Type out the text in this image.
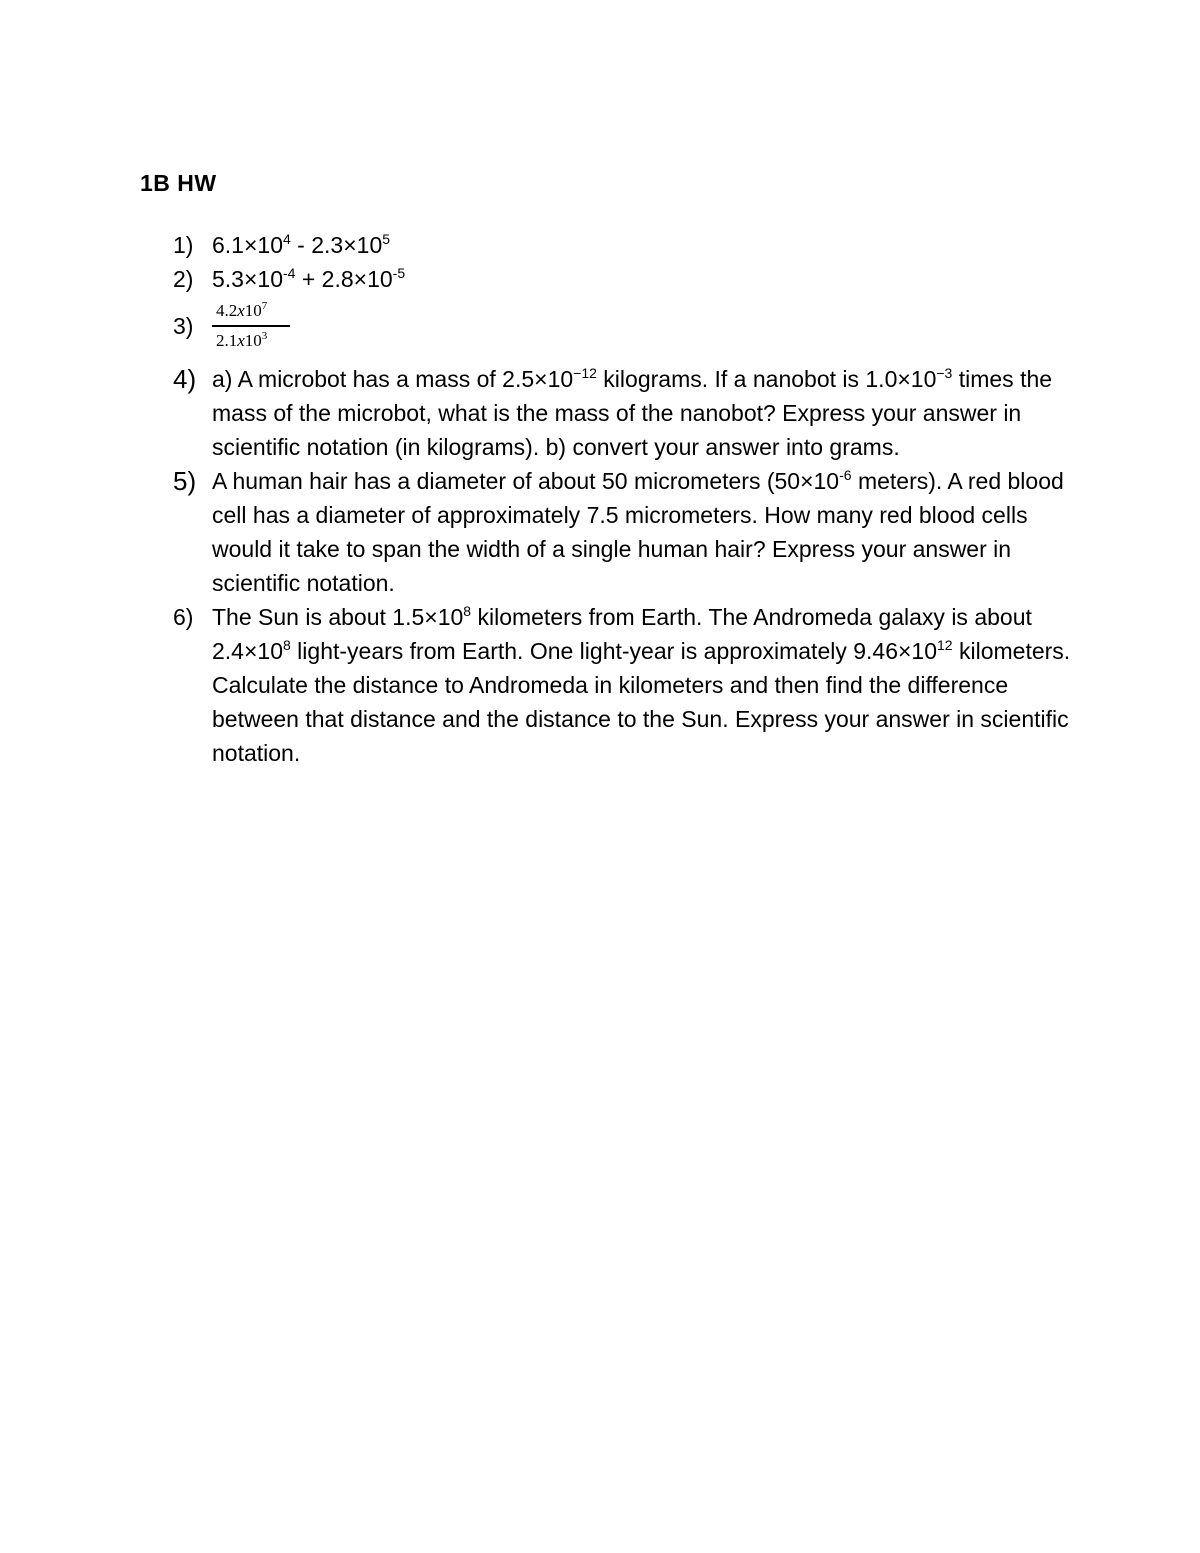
1B HW
1) $6.1\times 10^4 - 2.3\times 10^5$
2) $5.3\times 10^{-4} + 2.8\times 10^{-5}$
3)
$4.2x10^7$
$2.1x10^3$
4) a) A microbot has a mass of $2.5\times 10^{-12}$ kilograms. If a nanobot is $1.0\times 10^{-3}$ times the mass of the microbot, what is the mass of the nanobot? Express your answer in scientific notation (in kilograms). b) convert your answer into grams.
5) A human hair has a diameter of about 50 micrometers ($50\times 10^{-6}$ meters). A red blood cell has a diameter of approximately 7.5 micrometers. How many red blood cells would it take to span the width of a single human hair? Express your answer in scientific notation.
6) The Sun is about $1.5\times 10^8$ kilometers from Earth. The Andromeda galaxy is about $2.4\times 10^8$ light-years from Earth. One light-year is approximately $9.46\times 10^{12}$ kilometers. Calculate the distance to Andromeda in kilometers and then find the difference between that distance and the distance to the Sun. Express your answer in scientific notation.
